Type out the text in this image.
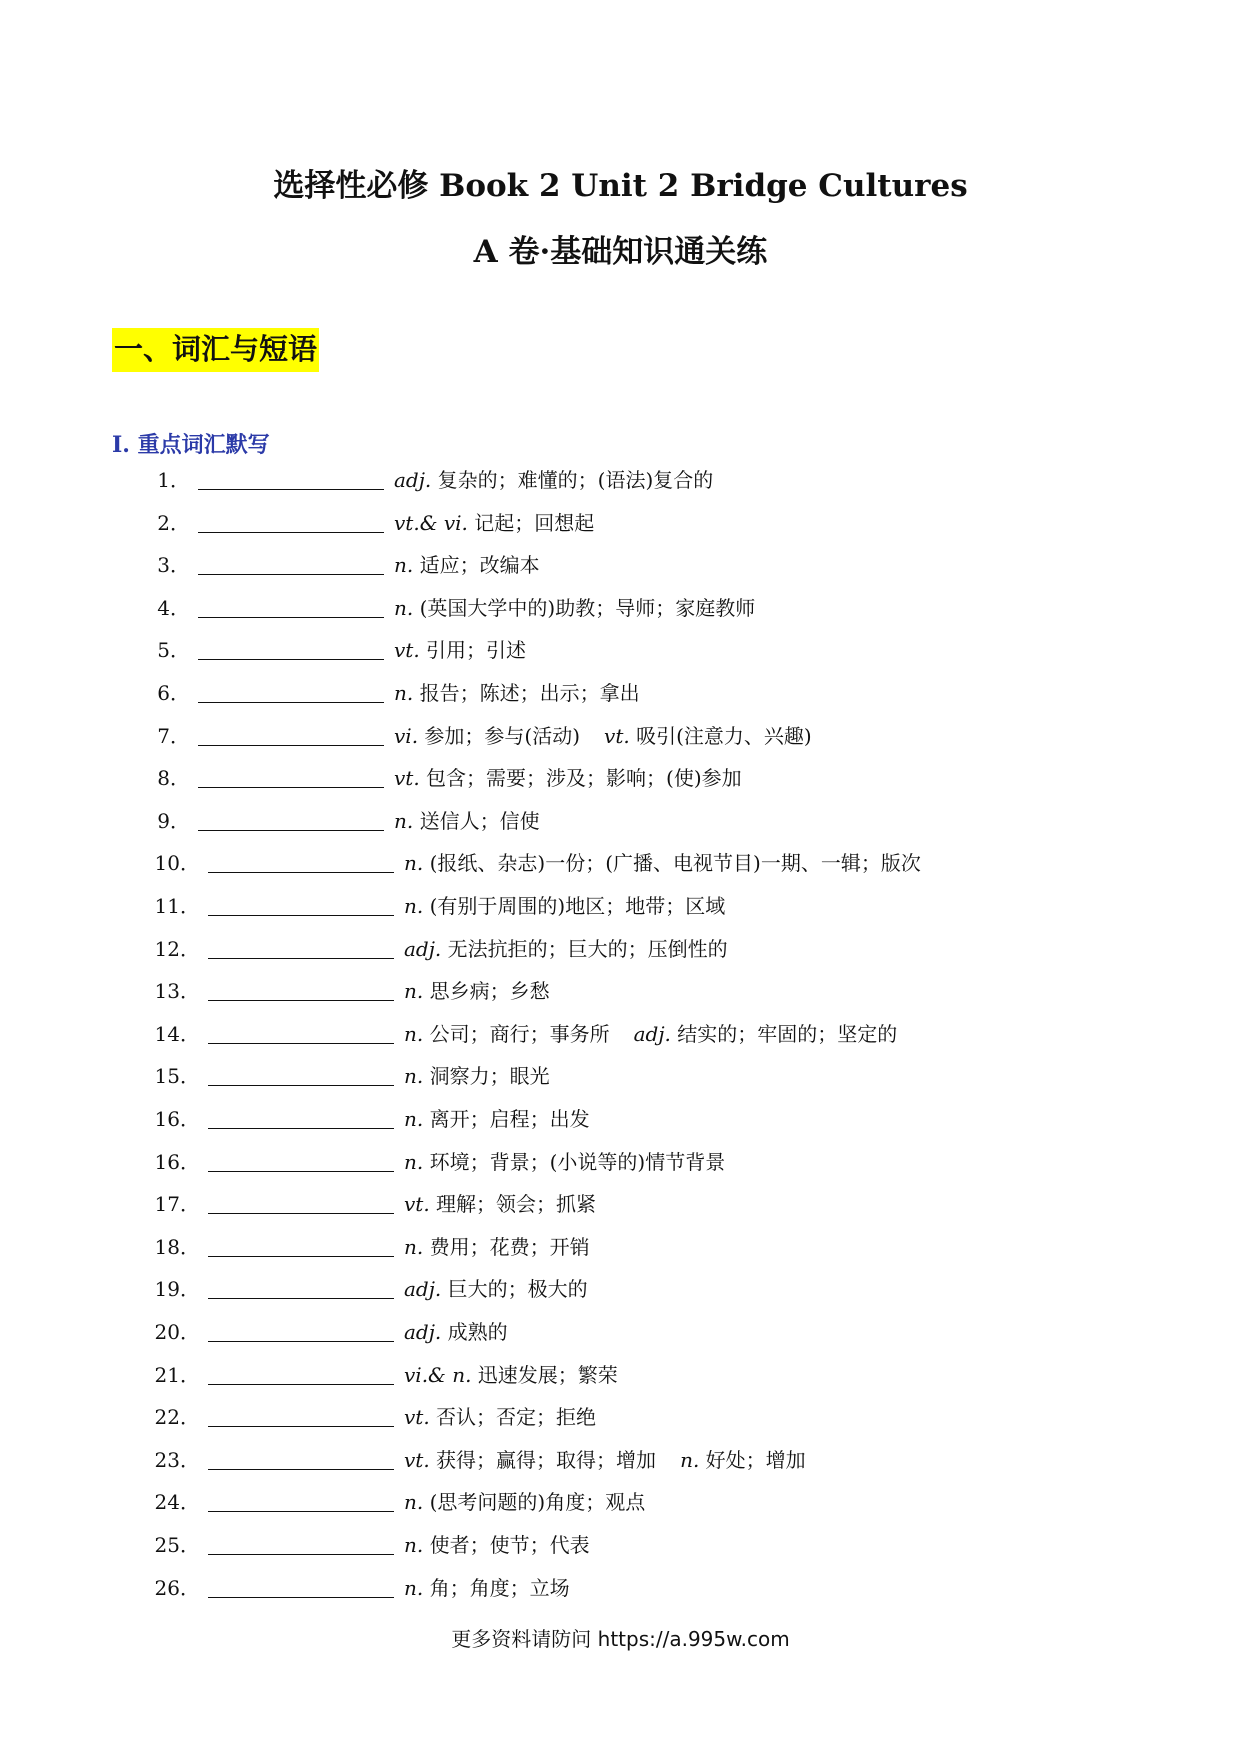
选择性必修 Book 2 Unit 2 Bridge Cultures
A 卷·基础知识通关练
一、词汇与短语
I. 重点词汇默写
1．	adj. 复杂的；难懂的；(语法)复合的
2．	vt.& vi. 记起；回想起
3．	n. 适应；改编本
4．	n. (英国大学中的)助教；导师；家庭教师
5．	vt. 引用；引述
6．	n. 报告；陈述；出示；拿出
7．	vi. 参加；参与(活动) vt. 吸引(注意力、兴趣)
8．	vt. 包含；需要；涉及；影响；(使)参加
9．	n. 送信人；信使
10．	n. (报纸、杂志)一份；(广播、电视节目)一期、一辑；版次
11．	n. (有别于周围的)地区；地带；区域
12．	adj. 无法抗拒的；巨大的；压倒性的
13．	n. 思乡病；乡愁
14．	n. 公司；商行；事务所 adj. 结实的；牢固的；坚定的
15．	n. 洞察力；眼光
16．	n. 离开；启程；出发
16．	n. 环境；背景；(小说等的)情节背景
17．	vt. 理解；领会；抓紧
18．	n. 费用；花费；开销
19．	adj. 巨大的；极大的
20．	adj. 成熟的
21．	vi.& n. 迅速发展；繁荣
22．	vt. 否认；否定；拒绝
23．	vt. 获得；赢得；取得；增加 n. 好处；增加
24．	n. (思考问题的)角度；观点
25．	n. 使者；使节；代表
26．	n. 角；角度；立场
更多资料请防问 https://a.995w.com
